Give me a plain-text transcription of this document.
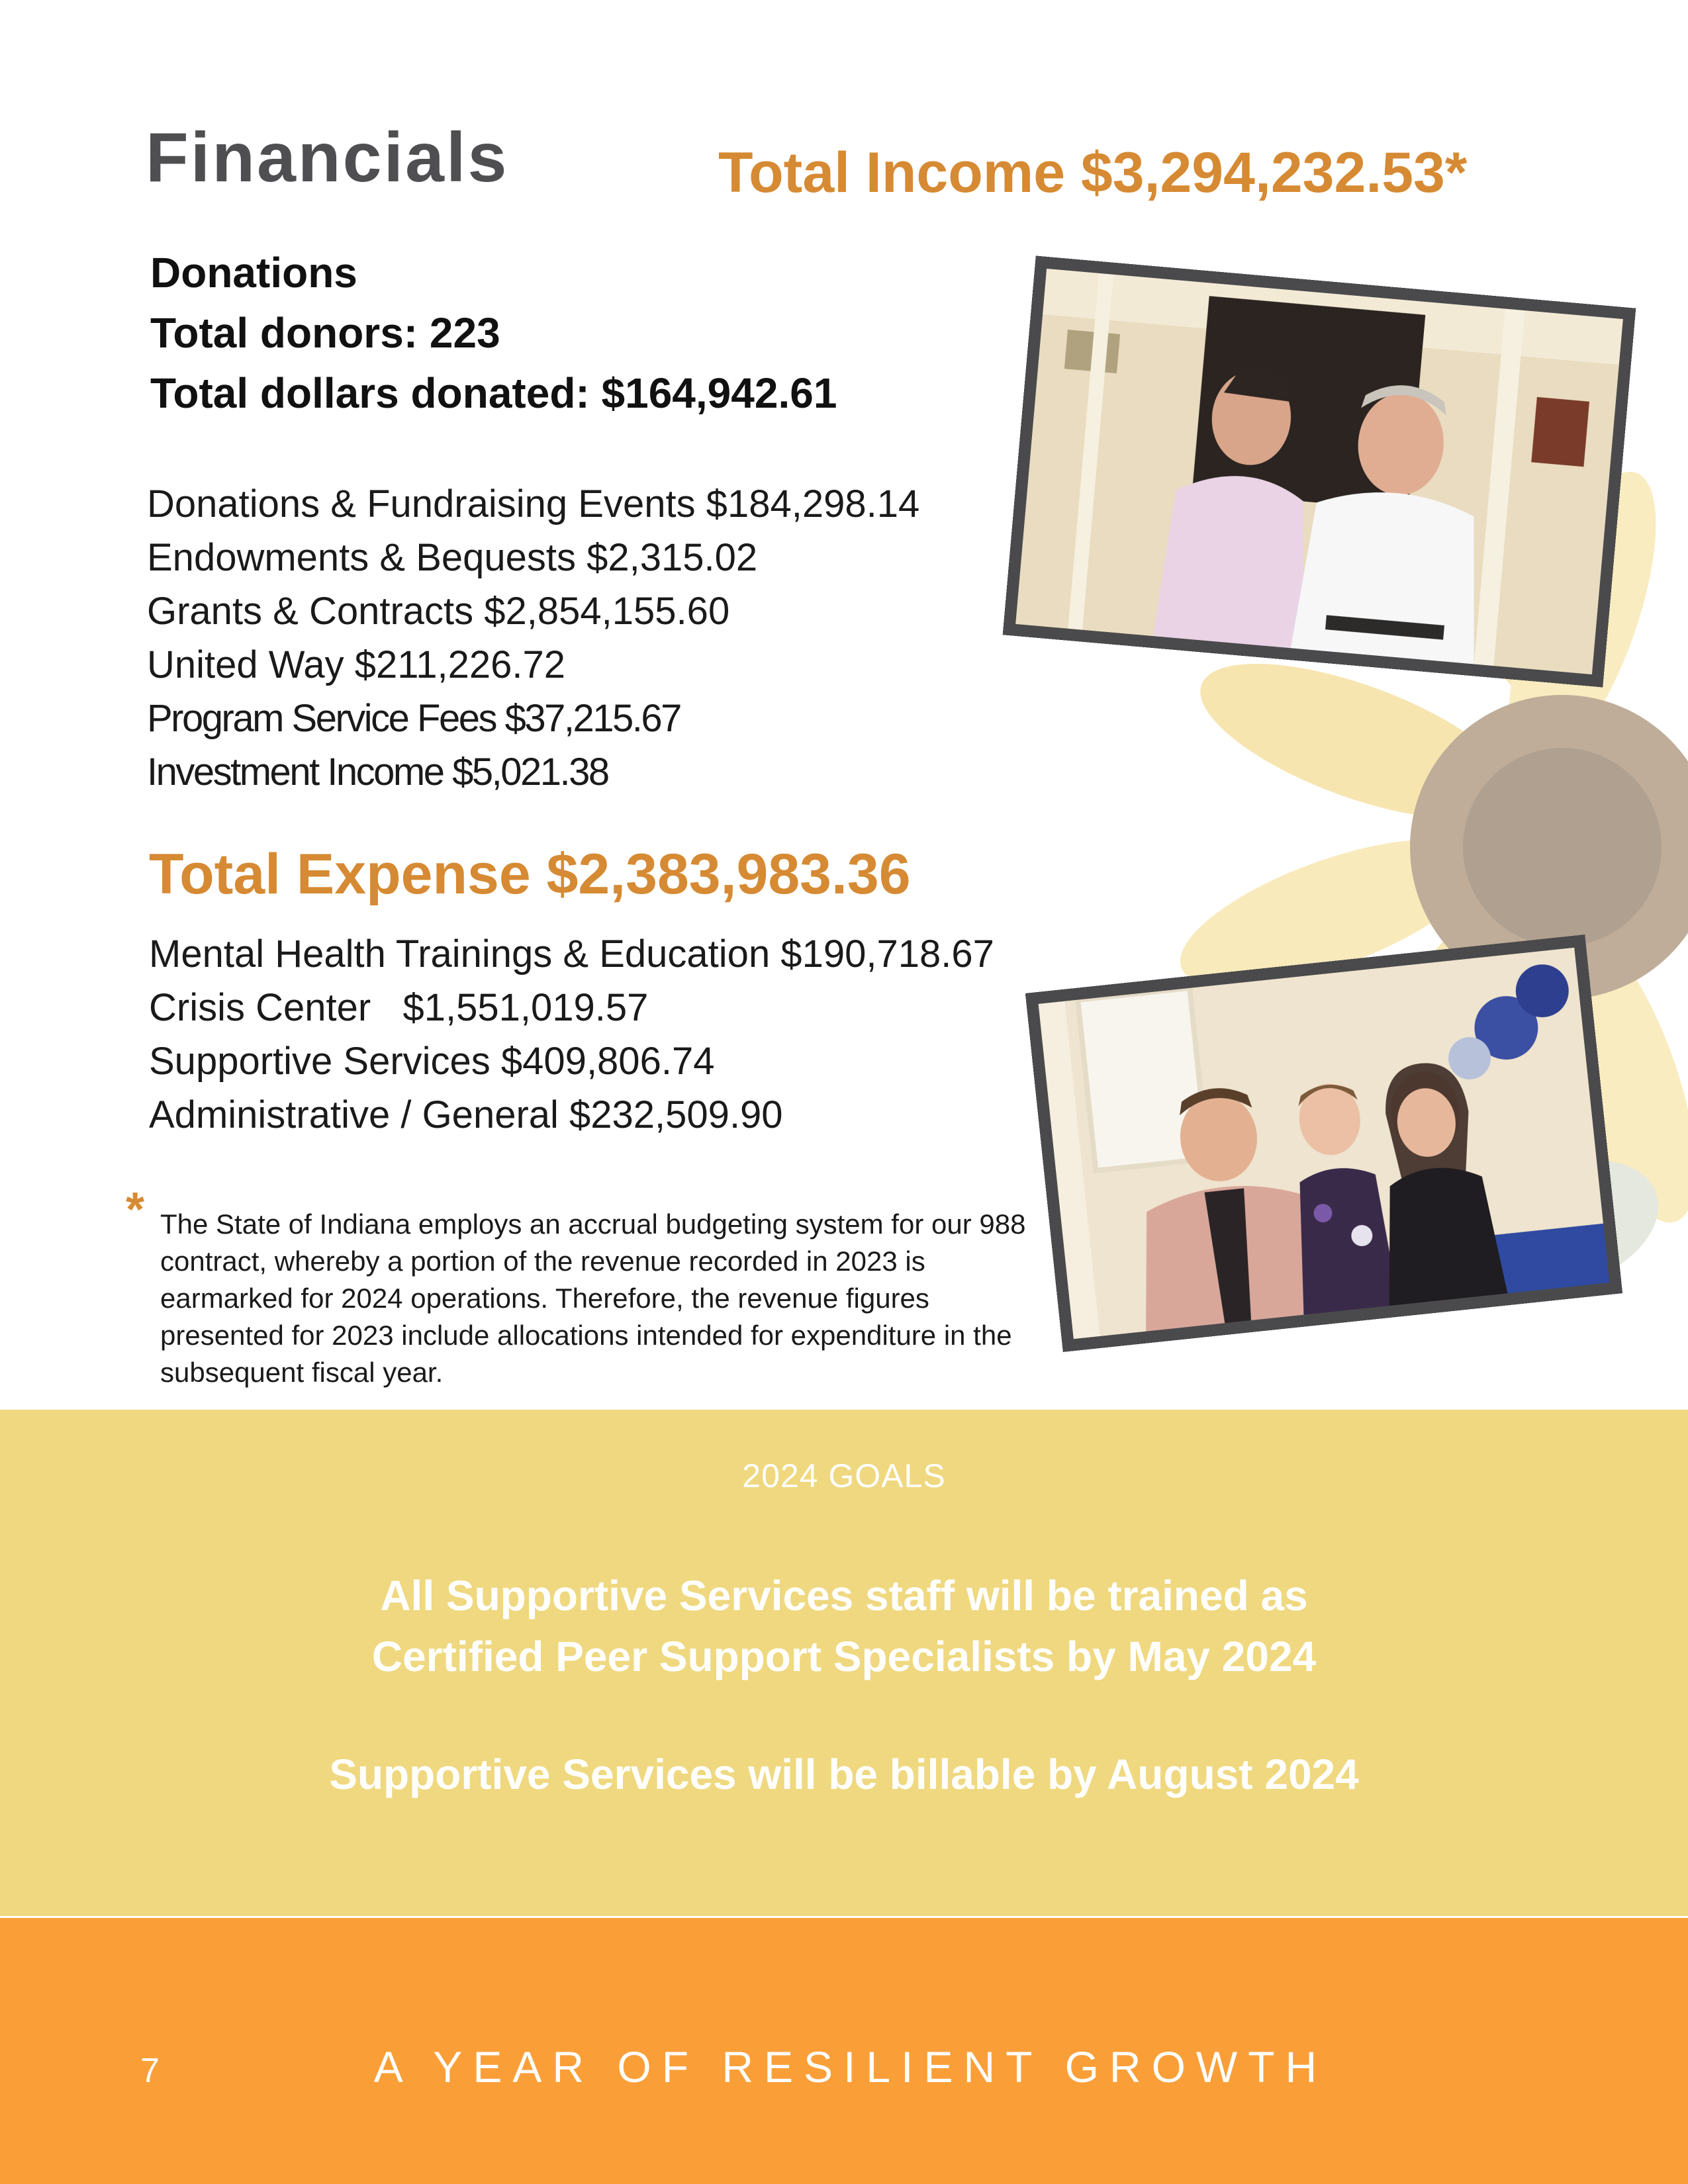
Financials	Total Income $3,294,232.53*
Donations
Total donors: 223
Total dollars donated: $164,942.61
Donations & Fundraising Events $184,298.14
Endowments & Bequests $2,315.02
Grants & Contracts $2,854,155.60
United Way $211,226.72
Program Service Fees $37,215.67
Investment Income $5,021.38
Total Expense $2,383,983.36
Mental Health Trainings & Education $190,718.67
Crisis Center   $1,551,019.57
Supportive Services $409,806.74
Administrative / General $232,509.90
* The State of Indiana employs an accrual budgeting system for our 988 contract, whereby a portion of the revenue recorded in 2023 is earmarked for 2024 operations. Therefore, the revenue figures presented for 2023 include allocations intended for expenditure in the subsequent fiscal year.
2024 GOALS
All Supportive Services staff will be trained as
Certified Peer Support Specialists by May 2024
Supportive Services will be billable by August 2024
7	A YEAR OF RESILIENT GROWTH
